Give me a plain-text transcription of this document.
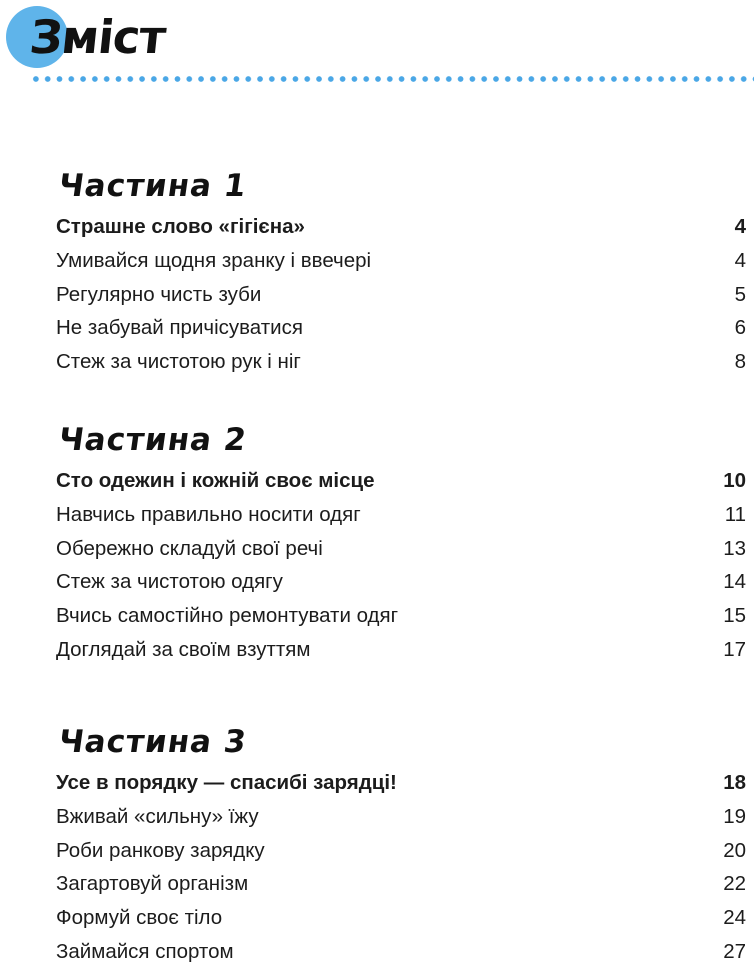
Зміст
Частина 1
Страшне слово «гігієна»	4
Умивайся щодня зранку і ввечері	4
Регулярно чисть зуби	5
Не забувай причісуватися	6
Стеж за чистотою рук і ніг	8
Частина 2
Сто одежин і кожній своє місце	10
Навчись правильно носити одяг	11
Обережно складуй свої речі	13
Стеж за чистотою одягу	14
Вчись самостійно ремонтувати одяг	15
Доглядай за своїм взуттям	17
Частина 3
Усе в порядку — спасибі зарядці!	18
Вживай «сильну» їжу	19
Роби ранкову зарядку	20
Загартовуй організм	22
Формуй своє тіло	24
Займайся спортом	27
